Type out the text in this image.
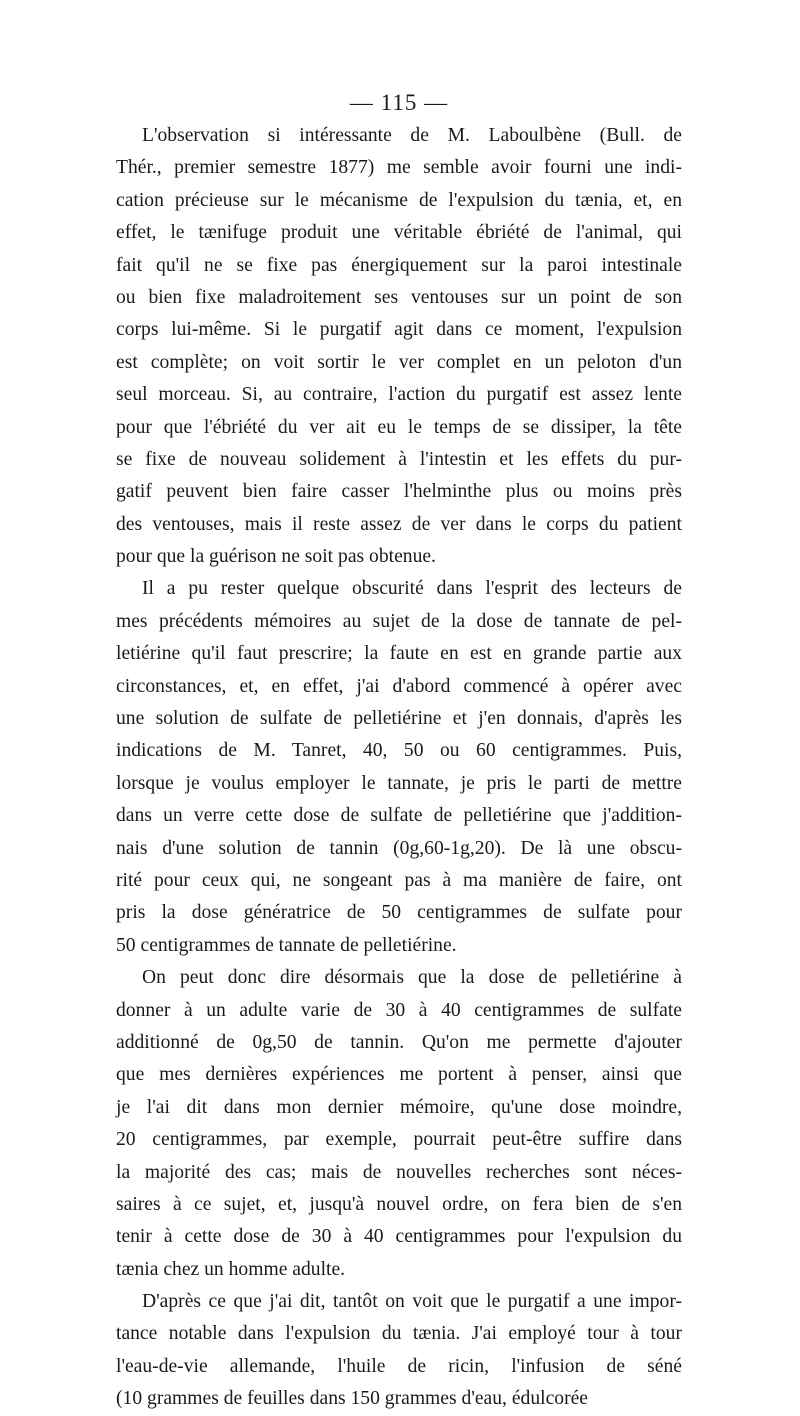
— 115 —
L'observation si intéressante de M. Laboulbène (Bull. de
Thér., premier semestre 1877) me semble avoir fourni une indi-
cation précieuse sur le mécanisme de l'expulsion du tænia, et, en
effet, le tænifuge produit une véritable ébriété de l'animal, qui
fait qu'il ne se fixe pas énergiquement sur la paroi intestinale
ou bien fixe maladroitement ses ventouses sur un point de son
corps lui-même. Si le purgatif agit dans ce moment, l'expulsion
est complète; on voit sortir le ver complet en un peloton d'un
seul morceau. Si, au contraire, l'action du purgatif est assez lente
pour que l'ébriété du ver ait eu le temps de se dissiper, la tête
se fixe de nouveau solidement à l'intestin et les effets du pur-
gatif peuvent bien faire casser l'helminthe plus ou moins près
des ventouses, mais il reste assez de ver dans le corps du patient
pour que la guérison ne soit pas obtenue.
Il a pu rester quelque obscurité dans l'esprit des lecteurs de
mes précédents mémoires au sujet de la dose de tannate de pel-
letiérine qu'il faut prescrire; la faute en est en grande partie aux
circonstances, et, en effet, j'ai d'abord commencé à opérer avec
une solution de sulfate de pelletiérine et j'en donnais, d'après les
indications de M. Tanret, 40, 50 ou 60 centigrammes. Puis,
lorsque je voulus employer le tannate, je pris le parti de mettre
dans un verre cette dose de sulfate de pelletiérine que j'addition-
nais d'une solution de tannin (0g,60-1g,20). De là une obscu-
rité pour ceux qui, ne songeant pas à ma manière de faire, ont
pris la dose génératrice de 50 centigrammes de sulfate pour
50 centigrammes de tannate de pelletiérine.
On peut donc dire désormais que la dose de pelletiérine à
donner à un adulte varie de 30 à 40 centigrammes de sulfate
additionné de 0g,50 de tannin. Qu'on me permette d'ajouter
que mes dernières expériences me portent à penser, ainsi que
je l'ai dit dans mon dernier mémoire, qu'une dose moindre,
20 centigrammes, par exemple, pourrait peut-être suffire dans
la majorité des cas; mais de nouvelles recherches sont néces-
saires à ce sujet, et, jusqu'à nouvel ordre, on fera bien de s'en
tenir à cette dose de 30 à 40 centigrammes pour l'expulsion du
tænia chez un homme adulte.
D'après ce que j'ai dit, tantôt on voit que le purgatif a une impor-
tance notable dans l'expulsion du tænia. J'ai employé tour à tour
l'eau-de-vie allemande, l'huile de ricin, l'infusion de séné
(10 grammes de feuilles dans 150 grammes d'eau, édulcorée
